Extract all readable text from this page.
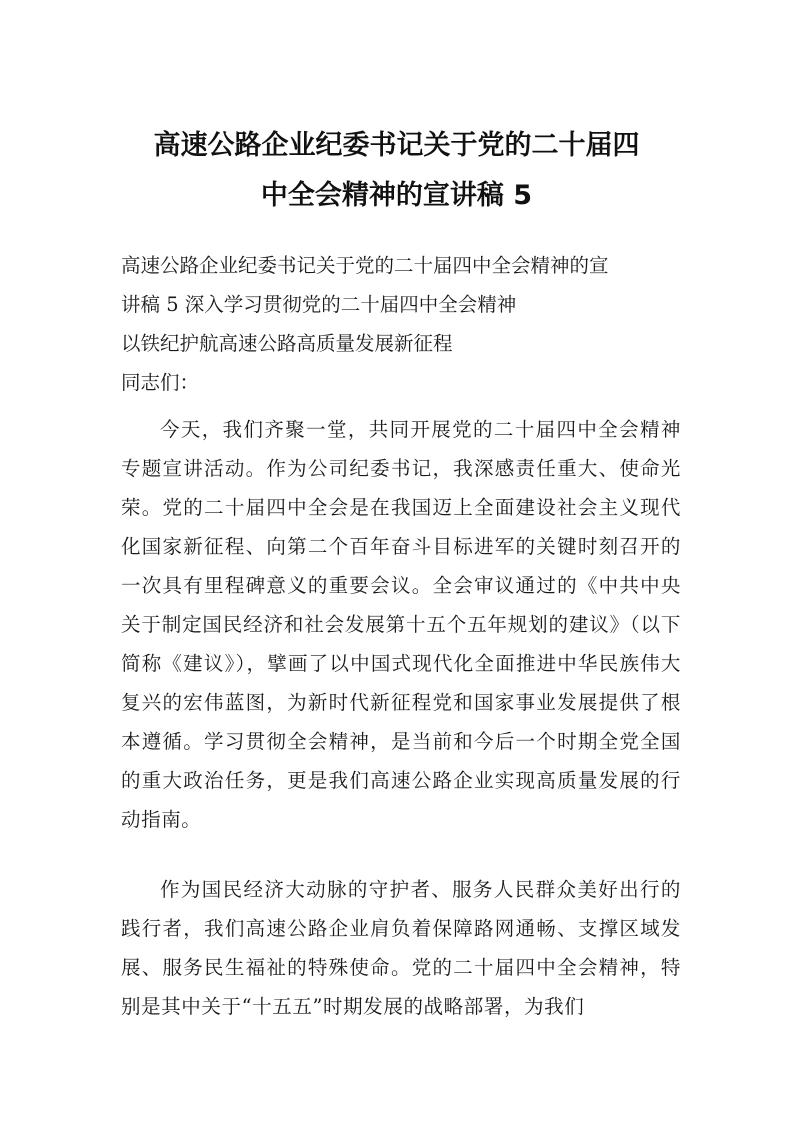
高速公路企业纪委书记关于党的二十届四
中全会精神的宣讲稿 5
高速公路企业纪委书记关于党的二十届四中全会精神的宣
讲稿 5 深入学习贯彻党的二十届四中全会精神
以铁纪护航高速公路高质量发展新征程
同志们：

今天，我们齐聚一堂，共同开展党的二十届四中全会精神专题宣讲活动。作为公司纪委书记，我深感责任重大、使命光荣。党的二十届四中全会是在我国迈上全面建设社会主义现代化国家新征程、向第二个百年奋斗目标进军的关键时刻召开的一次具有里程碑意义的重要会议。全会审议通过的《中共中央关于制定国民经济和社会发展第十五个五年规划的建议》（以下简称《建议》），擘画了以中国式现代化全面推进中华民族伟大复兴的宏伟蓝图，为新时代新征程党和国家事业发展提供了根本遵循。学习贯彻全会精神，是当前和今后一个时期全党全国的重大政治任务，更是我们高速公路企业实现高质量发展的行动指南。

作为国民经济大动脉的守护者、服务人民群众美好出行的践行者，我们高速公路企业肩负着保障路网通畅、支撑区域发展、服务民生福祉的特殊使命。党的二十届四中全会精神，特别是其中关于“十五五”时期发展的战略部署，为我们
